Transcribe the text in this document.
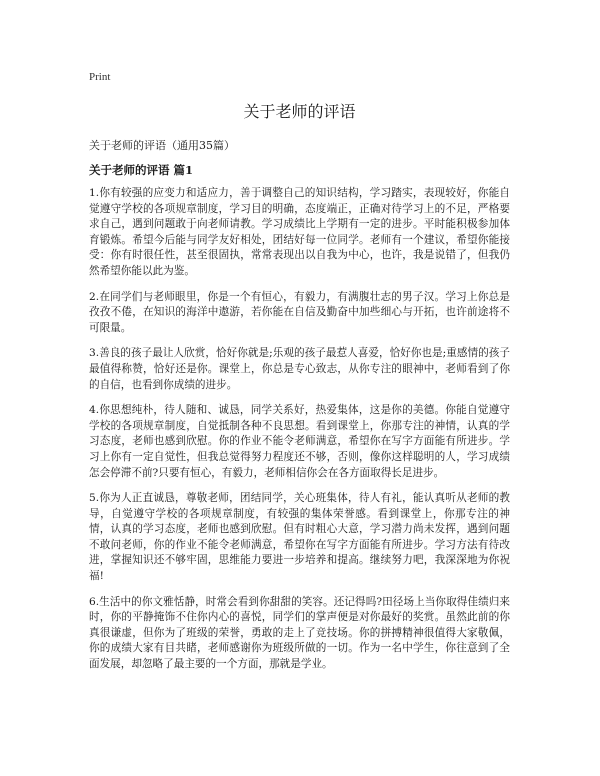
Print
关于老师的评语
关于老师的评语（通用35篇）
关于老师的评语 篇1

1.你有较强的应变力和适应力，善于调整自己的知识结构，学习踏实，表现较好，你能自觉遵守学校的各项规章制度，学习目的明确，态度端正，正确对待学习上的不足，严格要求自己，遇到问题敢于向老师请教。学习成绩比上学期有一定的进步。平时能积极参加体育锻炼。希望今后能与同学友好相处，团结好每一位同学。老师有一个建议，希望你能接受：你有时很任性，甚至很固执，常常表现出以自我为中心，也许，我是说错了，但我仍然希望你能以此为鉴。

2.在同学们与老师眼里，你是一个有恒心，有毅力，有满腹壮志的男子汉。学习上你总是孜孜不倦，在知识的海洋中遨游，若你能在自信及勤奋中加些细心与开拓，也许前途将不可限量。

3.善良的孩子最让人欣赏，恰好你就是;乐观的孩子最惹人喜爱，恰好你也是;重感情的孩子最值得称赞，恰好还是你。课堂上，你总是专心致志，从你专注的眼神中，老师看到了你的自信，也看到你成绩的进步。

4.你思想纯朴，待人随和、诚恳，同学关系好，热爱集体，这是你的美德。你能自觉遵守学校的各项规章制度，自觉抵制各种不良思想。看到课堂上，你那专注的神情，认真的学习态度，老师也感到欣慰。你的作业不能令老师满意，希望你在写字方面能有所进步。学习上你有一定自觉性，但我总觉得努力程度还不够，否则，像你这样聪明的人，学习成绩怎会停滞不前?只要有恒心，有毅力，老师相信你会在各方面取得长足进步。

5.你为人正直诚恳，尊敬老师，团结同学，关心班集体，待人有礼，能认真听从老师的教导，自觉遵守学校的各项规章制度，有较强的集体荣誉感。看到课堂上，你那专注的神情，认真的学习态度，老师也感到欣慰。但有时粗心大意，学习潜力尚未发挥，遇到问题不敢问老师，你的作业不能令老师满意，希望你在写字方面能有所进步。学习方法有待改进，掌握知识还不够牢固，思维能力要进一步培养和提高。继续努力吧，我深深地为你祝福!

6.生活中的你文雅恬静，时常会看到你甜甜的笑容。还记得吗?田径场上当你取得佳绩归来时，你的平静掩饰不住你内心的喜悦，同学们的掌声便是对你最好的奖赏。虽然此前的你真很谦虚，但你为了班级的荣誉，勇敢的走上了竞技场。你的拼搏精神很值得大家敬佩，你的成绩大家有目共睹，老师感谢你为班级所做的一切。作为一名中学生，你往意到了全面发展，却忽略了最主要的一个方面，那就是学业。
